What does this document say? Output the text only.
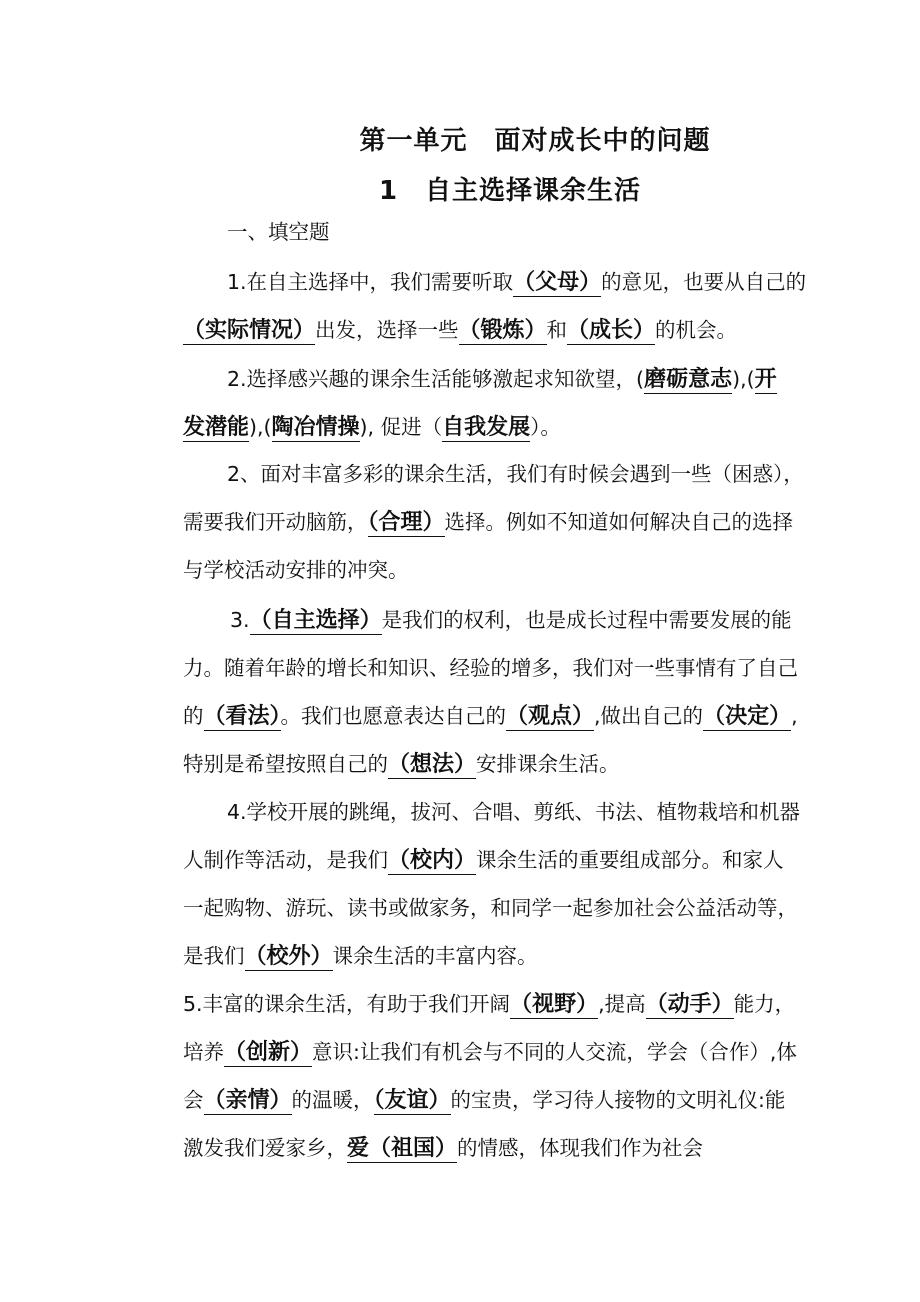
第一单元　面对成长中的问题
1　自主选择课余生活
一、填空题
1.在自主选择中，我们需要听取（父母）的意见，也要从自己的
（实际情况）出发，选择一些（锻炼）和（成长）的机会。
2.选择感兴趣的课余生活能够激起求知欲望，(磨砺意志),(开
发潜能),(陶冶情操), 促进（自我发展）。
2、面对丰富多彩的课余生活，我们有时候会遇到一些（困惑），
需要我们开动脑筋，（合理）选择。例如不知道如何解决自己的选择
与学校活动安排的冲突。
3.（自主选择）是我们的权利，也是成长过程中需要发展的能
力。随着年龄的增长和知识、经验的增多，我们对一些事情有了自己
的（看法）。我们也愿意表达自己的（观点）,做出自己的（决定）,
特别是希望按照自己的（想法）安排课余生活。
4.学校开展的跳绳，拔河、合唱、剪纸、书法、植物栽培和机器
人制作等活动，是我们（校内）课余生活的重要组成部分。和家人
一起购物、游玩、读书或做家务，和同学一起参加社会公益活动等，
是我们（校外）课余生活的丰富内容。
5.丰富的课余生活，有助于我们开阔（视野）,提高（动手）能力，
培养（创新）意识:让我们有机会与不同的人交流，学会（合作）,体
会（亲情）的温暖，（友谊）的宝贵，学习待人接物的文明礼仪:能
激发我们爱家乡，爱（祖国）的情感，体现我们作为社会
